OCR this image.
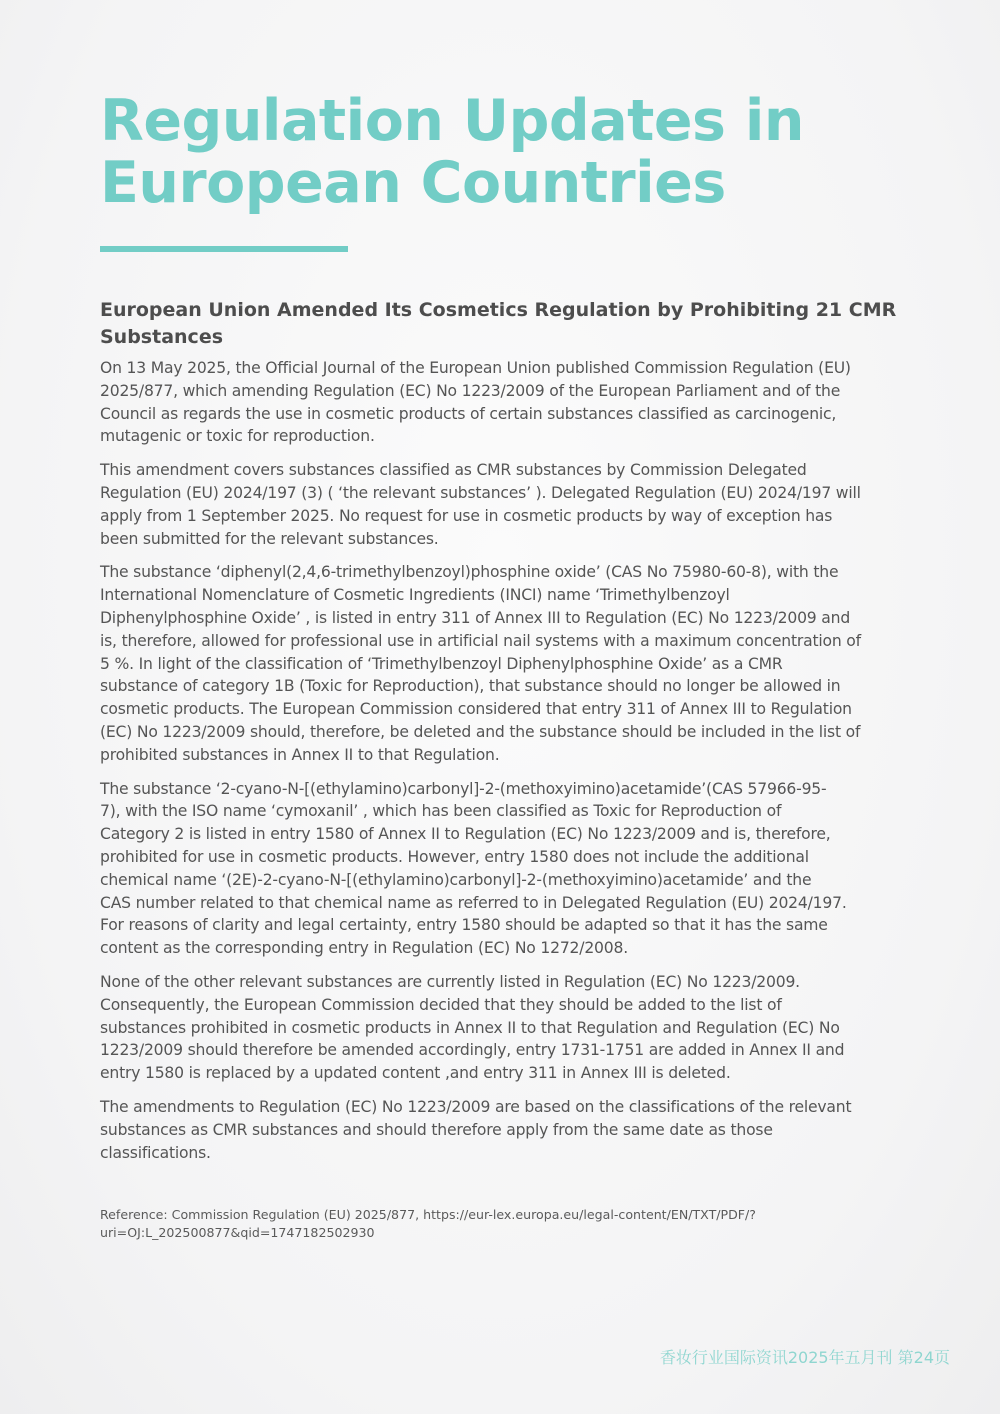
Regulation Updates in
European Countries
European Union Amended Its Cosmetics Regulation by Prohibiting 21 CMR
Substances

On 13 May 2025, the Official Journal of the European Union published Commission Regulation (EU)
2025/877, which amending Regulation (EC) No 1223/2009 of the European Parliament and of the
Council as regards the use in cosmetic products of certain substances classified as carcinogenic,
mutagenic or toxic for reproduction.

This amendment covers substances classified as CMR substances by Commission Delegated
Regulation (EU) 2024/197 (3) ( ‘the relevant substances’ ). Delegated Regulation (EU) 2024/197 will
apply from 1 September 2025. No request for use in cosmetic products by way of exception has
been submitted for the relevant substances.

The substance ‘diphenyl(2,4,6-trimethylbenzoyl)phosphine oxide’ (CAS No 75980-60-8), with the
International Nomenclature of Cosmetic Ingredients (INCI) name ‘Trimethylbenzoyl
Diphenylphosphine Oxide’ , is listed in entry 311 of Annex III to Regulation (EC) No 1223/2009 and
is, therefore, allowed for professional use in artificial nail systems with a maximum concentration of
5 %. In light of the classification of ‘Trimethylbenzoyl Diphenylphosphine Oxide’ as a CMR
substance of category 1B (Toxic for Reproduction), that substance should no longer be allowed in
cosmetic products. The European Commission considered that entry 311 of Annex III to Regulation
(EC) No 1223/2009 should, therefore, be deleted and the substance should be included in the list of
prohibited substances in Annex II to that Regulation.

The substance ‘2-cyano-N-[(ethylamino)carbonyl]-2-(methoxyimino)acetamide’(CAS 57966-95-
7), with the ISO name ‘cymoxanil’ , which has been classified as Toxic for Reproduction of
Category 2 is listed in entry 1580 of Annex II to Regulation (EC) No 1223/2009 and is, therefore,
prohibited for use in cosmetic products. However, entry 1580 does not include the additional
chemical name ‘(2E)-2-cyano-N-[(ethylamino)carbonyl]-2-(methoxyimino)acetamide’ and the
CAS number related to that chemical name as referred to in Delegated Regulation (EU) 2024/197.
For reasons of clarity and legal certainty, entry 1580 should be adapted so that it has the same
content as the corresponding entry in Regulation (EC) No 1272/2008.

None of the other relevant substances are currently listed in Regulation (EC) No 1223/2009.
Consequently, the European Commission decided that they should be added to the list of
substances prohibited in cosmetic products in Annex II to that Regulation and Regulation (EC) No
1223/2009 should therefore be amended accordingly, entry 1731-1751 are added in Annex II and
entry 1580 is replaced by a updated content ,and entry 311 in Annex III is deleted.

The amendments to Regulation (EC) No 1223/2009 are based on the classifications of the relevant
substances as CMR substances and should therefore apply from the same date as those
classifications.

Reference: Commission Regulation (EU) 2025/877, https://eur-lex.europa.eu/legal-content/EN/TXT/PDF/?
uri=OJ:L_202500877&qid=1747182502930
香妆行业国际资讯2025年五月刊 第24页
